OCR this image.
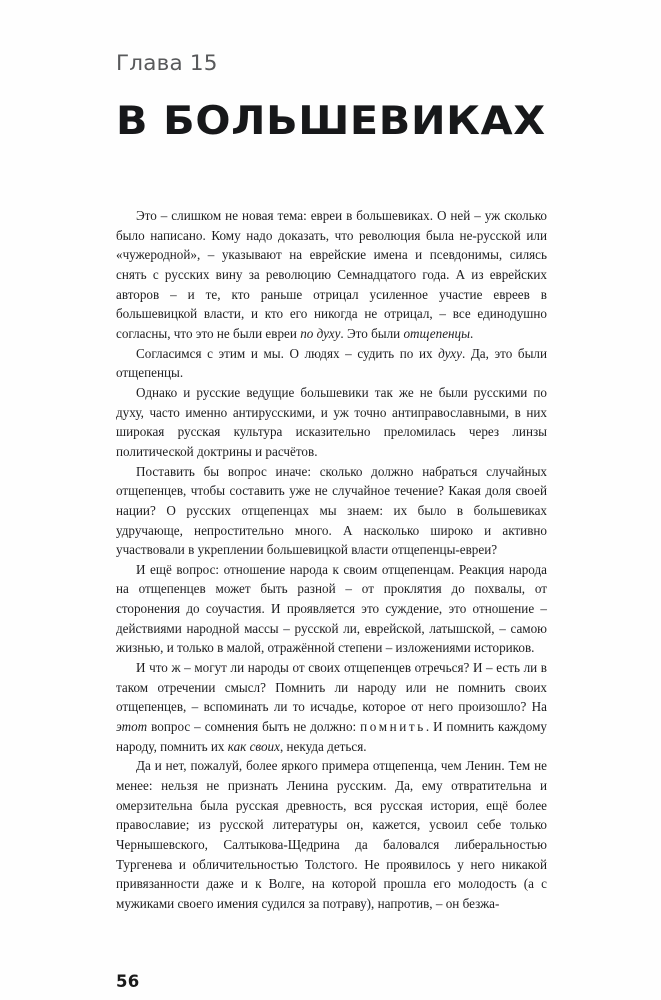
Глава 15
В БОЛЬШЕВИКАХ

Это – слишком не новая тема: евреи в большевиках. О ней – уж сколько было написано. Кому надо доказать, что революция была не-русской или «чужеродной», – указывают на еврейские имена и псевдонимы, силясь снять с русских вину за революцию Семнадцатого года. А из еврейских авторов – и те, кто раньше отрицал усиленное участие евреев в большевицкой власти, и кто его никогда не отрицал, – все единодушно согласны, что это не были евреи по духу. Это были отщепенцы.

Согласимся с этим и мы. О людях – судить по их духу. Да, это были отщепенцы.

Однако и русские ведущие большевики так же не были русскими по духу, часто именно антирусскими, и уж точно антиправославными, в них широкая русская культура исказительно преломилась через линзы политической доктрины и расчётов.

Поставить бы вопрос иначе: сколько должно набраться случайных отщепенцев, чтобы составить уже не случайное течение? Какая доля своей нации? О русских отщепенцах мы знаем: их было в большевиках удручающе, непростительно много. А насколько широко и активно участвовали в укреплении большевицкой власти отщепенцы-евреи?

И ещё вопрос: отношение народа к своим отщепенцам. Реакция народа на отщепенцев может быть разной – от проклятия до похвалы, от сторонения до соучастия. И проявляется это суждение, это отношение – действиями народной массы – русской ли, еврейской, латышской, – самою жизнью, и только в малой, отражённой степени – изложениями историков.

И что ж – могут ли народы от своих отщепенцев отречься? И – есть ли в таком отречении смысл? Помнить ли народу или не помнить своих отщепенцев, – вспоминать ли то исчадье, которое от него произошло? На этот вопрос – сомнения быть не должно: помнить. И помнить каждому народу, помнить их как своих, некуда деться.

Да и нет, пожалуй, более яркого примера отщепенца, чем Ленин. Тем не менее: нельзя не признать Ленина русским. Да, ему отвратительна и омерзительна была русская древность, вся русская история, ещё более православие; из русской литературы он, кажется, усвоил себе только Чернышевского, Салтыкова-Щедрина да баловался либеральностью Тургенева и обличительностью Толстого. Не проявилось у него никакой привязанности даже и к Волге, на которой прошла его молодость (а с мужиками своего имения судился за потраву), напротив, – он безжа-

56
